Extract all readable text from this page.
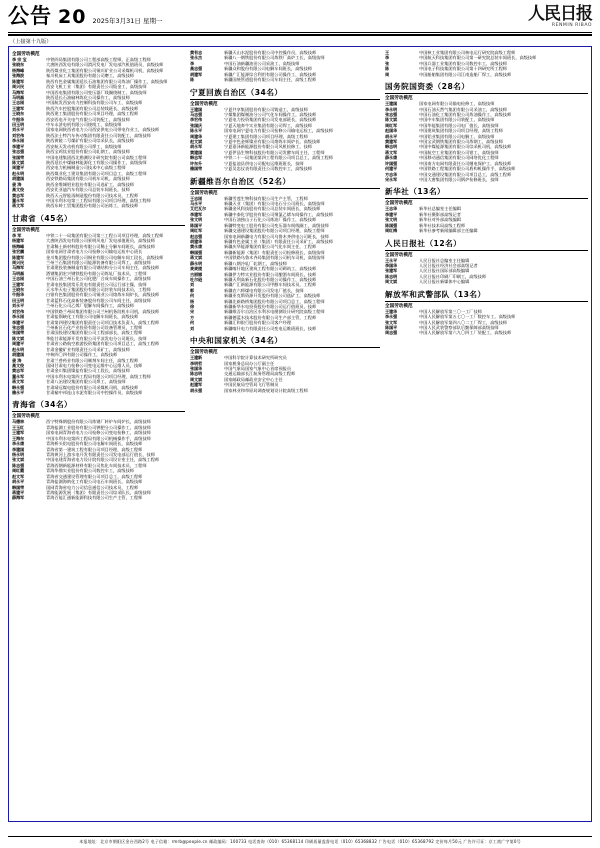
公告 20 2025年3月31日 星期一	人民日报
RENMIN RIBAO
（上接第十九版）
全国劳动模范
李 宗 宝	中铁四局集团有限公司工程部高级工程师，正高级工程师
张晓东	大唐陕西发电有限公司渭河发电厂发电部汽机值班员，高级技师
杨海峰	陕西煤业化工集团有限公司铜川矿业公司采煤机司机，高级技师
张海波	秦川机床工具集团股份有限公司磨工，高级技师
陈建军	陕西有色金属集团延长石油集团有限公司炼油厂操作工，高级技师
周兴民	西安飞机工业（集团）有限责任公司钣金工，高级技师
马海军	中国西电集团有限公司变压器厂线圈绕制工，高级技师
马明磊	陕西延长石油榆林炼化公司操作工，高级技师
王志刚	中国航发西安动力控制科技有限公司车工，高级技师
王建军	陕西汽车控股集团有限公司总装线班长，高级技师
王晓东	陕西建工集团股份有限公司项目经理，高级工程师
牛振华	西安西电开关电气有限公司装配工，高级技师
田玉明	中车永济电机有限公司绕线工，高级技师
刘永平	国家电网陕西省电力公司西安供电公司带电作业工，高级技师
刘宏伟	陕西法士特汽车传动集团有限责任公司装配工，高级技师
李永刚	陕西黄陵二号煤矿有限公司综采队长，高级技师
李建平	西安航天发动机有限公司焊工，高级技师
张志强	陕西宝鸡钛业股份有限公司轧钢工，高级技师
张国荣	中国电建集团西北勘测设计研究院有限公司高级工程师
陈文斌	陕西延长中煤榆林能源化工有限公司操作工，高级技师
周建平	西安电力机械制造公司技术中心高级工程师
赵永明	陕西煤业化工建设集团有限公司项目总工，高级工程师
胡建国	西安铁路局集团有限公司机车司机，高级技师
姜 涛	陕西金堆城钼业股份有限公司选矿工，高级技师
高文俊	西安比亚迪汽车有限公司总装车间班长，技师
黄志军	陕西天元智能再制造股份有限公司技术员，工程师
董永军	中国水利水电第三工程局有限公司项目经理，高级工程师
蒋文军	陕西东岭工贸集团股份有限公司冶炼工，高级技师
甘肃省（45名）
全国劳动模范
李 军	中铁二十一局集团有限公司第三工程公司项目经理，高级工程师
杨建军	大唐陕西发电有限公司景明风电厂发电部值班员，高级技师
杨海峰	甘肃稀土新材料股份有限公司稀土分解车间班长，高级技师
张宏鹏	国家电网甘肃省电力公司检修公司输电运检中心班长
陈建军	金川集团股份有限公司铜业有限公司电解车间工段长，高级技师
周兴民	兰州兰石集团有限公司能源装备有限公司焊工，高级技师
马海军	甘肃建投装备制造有限公司钢结构分公司车间主任，高级技师
马明磊	酒钢集团宏兴钢铁股份有限公司炼轧厂技术员，工程师
王志刚	中国石油兰州石化公司化肥厂合成车间操作工，高级技师
王建军	甘肃电投集团常乐发电有限责任公司运行部主操，技师
王晓东	天水华天电子集团股份有限公司封装车间技术员，工程师
牛振华	白银有色集团股份有限公司铜业公司熔炼车间炉长，高级技师
田玉明	甘肃蓝科石化高新装备股份有限公司车间主任，高级技师
刘永平	兰州石化公司乙烯厂裂解车间操作工，高级技师
刘宏伟	中国铁路兰州局集团有限公司兰州机务段机车司机，高级技师
李永刚	甘肃盐锅峡化工有限公司电解车间班长，高级技师
李建平	甘肃第四建设集团有限责任公司项目技术负责人，高级工程师
张志强	兰州新区石化产业投资有限公司设备管理员，工程师
张国荣	甘肃国投建设集团有限公司工程部部长，高级工程师
陈文斌	华能甘肃能源开发有限公司平凉发电分公司班长，技师
周建平	甘肃省公路航空旅游投资集团有限公司项目总工，高级工程师
赵永明	甘肃金徽矿业有限责任公司采矿工，高级技师
胡建国	中核四〇四有限公司操作工，高级技师
姜 涛	甘肃兰兽药业有限公司制剂车间主任，高级工程师
高文俊	国网甘肃电力检修公司变电运维中心运维人员，技师
黄志军	甘肃金川集团镍盐有限公司工段长，高级技师
董永军	中国水利水电第四工程局有限公司项目经理，高级工程师
蒋文军	甘肃八冶建设集团有限公司焊工，高级技师
韩永强	甘肃靖远煤电股份有限公司采煤机司机，高级技师
雒永平	甘肃榆中祁连山水泥有限公司中控操作员，高级技师
青海省（34名）
全国劳动模范
马德林	西宁特殊钢股份有限公司炼钢厂转炉车间炉长，高级技师
王玉红	青海盐湖工业股份有限公司钾肥分公司操作工，高级技师
王建军	国家电网青海省电力公司检修公司变电检修工，高级技师
王海东	中国水利水电第四工程局有限公司机械操作手，高级技师
李永康	青海桥头铝电股份有限公司电解车间班长，高级技师
李建国	青海省第一建筑工程有限公司项目经理，高级工程师
杨永明	青海黄河上游水电开发有限责任公司发电部运行值长，技师
张文斌	中国电建青海省电力设计院有限公司设计室主任，高级工程师
陈志强	青海西钢新能源材料有限公司焦化车间技术员，工程师
周红霞	青海华鼎实业股份有限公司数控车工，高级技师
赵文军	青海省交通建设管理有限公司项目总工，高级工程师
胡永平	青海盐湖海纳化工有限公司电石车间班长，高级技师
韩国荣	国网青海省电力公司信息通信公司技术员，工程师
蒋建平	青海能源发展（集团）有限责任公司综采队长，高级技师
薛海军	青海百能汇通新能源科技有限公司生产主管，工程师
黄有志	新疆天山水泥股份有限公司中控操作员，高级技师
张永杰	新疆八一钢铁股份有限公司炼铁厂高炉工长，高级技师
李	中国石油新疆油田公司采油工，高级技师
高志强	新疆众和股份有限公司电解车间班长，高级技师
胡建军	新疆广汇能源综合利用有限公司操作工，高级技师
陈	新疆国统管道股份有限公司车间主任，高级工程师
宁夏回族自治区（34名）
全国劳动模范
王建国	宁夏共享集团股份有限公司铸造工，高级技师
马志强	宁煤集团煤制油分公司气化车间操作工，高级技师
李宏伟	宁夏电力投资集团有限公司发电部班长，高级技师
张国庆	宁夏天地奔牛实业集团有限公司焊工，高级技师
陈永平	国家电网宁夏电力有限公司检修公司输电运检工，高级技师
周建华	宁夏建工集团有限公司项目经理，高级工程师
赵文斌	宁夏中色金辉镍业有限公司熔炼车间炉长，高级技师
胡永军	宁夏嘉泽新能源股份有限公司风机检修工，技师
黄建国	宁夏伊品生物科技股份有限公司发酵车间主任，工程师
韩志军	中铁二十一局集团第四工程有限公司项目总工，高级工程师
许东升	宁夏盐池县供电公司配电运维班班长，技师
雒国荣	宁夏吴忠仪表有限责任公司数控车工，高级技师
新疆维吾尔自治区（52名）
全国劳动模范
王志刚	新疆雪莲生物科技有限公司生产主管，工程师
马永平	新疆天业（集团）有限公司电石分公司班长，高级技师
艾尼瓦尔	新疆金风科技股份有限公司总装车间班长，高级技师
李建军	新疆中泰化学股份有限公司聚氯乙烯车间操作工，高级技师
张文明	中国石油独山子石化公司炼油厂操作工，高级技师
陈国平	新疆特变电工股份有限公司变压器车间线圈工，高级技师
周红军	新疆交通建设集团股份有限公司项目经理，高级工程师
赵志强	国家电网新疆电力有限公司乌鲁木齐供电公司班长，技师
胡建华	新疆有色金属工业（集团）有限责任公司采矿工，高级技师
黄永康	新疆庆华能源集团有限公司气化车间主任，工程师
韩国强	新疆新能源（集团）有限责任公司检修班长，高级技师
蒋文斌	中国铁路乌鲁木齐局集团有限公司机车司机，高级技师
薛永明	新疆八钢冷轧厂轧钢工，高级技师
麦麦提	新疆喀什地区建筑工程有限公司砌筑工，高级技师
古丽娜	新疆伊力特实业股份有限公司酿酒车间班长，技师
吐尔逊	新疆天利高新石化股份有限公司操作工，高级技师
刘	新疆广汇新能源有限公司甲醇车间技术员，工程师
郭	新疆农六师煤电有限公司发电厂值长，技师
何	新疆亚克斯资源开发股份有限公司选矿工，高级技师
杨	新疆北新路桥集团股份有限公司项目总工，高级工程师
徐	新疆新华水电投资股份有限公司运行值班员，技师
宋	新疆维吾尔自治区水利水电勘测设计研究院高级工程师
方	新疆德蓝水技术股份有限公司生产部主管，工程师
何	新疆汇和银行股份有限公司客户经理
刘	新疆喀什电力有限责任公司变电运维班班长，技师
中央和国家机关（34名）
全国劳动模范
王建新	中国科学院计算技术研究所研究员
李明哲	国家税务总局办公厅副主任
张国华	中国气象局国家气象中心首席预报员
陈志明	交通运输部长江航务管理局高级工程师
周文斌	国家邮政局邮政业安全中心主任
赵建军	中国民航局空管局飞行管制员
胡永强	国家林业和草原局调查规划设计院高级工程师
王	中国核工业集团有限公司核电运行研究院高级工程师
李	中国航天科技集团有限公司第一研究院总装车间班长，高级技师
张	中国兵器工业集团有限公司数控车工，高级技师
陈	中国电子科技集团有限公司第十四研究所工程师
周	中国船舶集团有限公司江南造船厂焊工，高级技师
国务院国资委（28名）
全国劳动模范
王建国	国家电网有限公司输电检修工，高级技师
李永明	中国石油天然气集团有限公司采油工，高级技师
张志强	中国石油化工集团有限公司炼油操作工，高级技师
陈文斌	中国中车集团有限公司装配工，高级技师
周红军	中国华能集团有限公司电厂值长，高级技师
赵国华	中国建筑集团有限公司项目经理，高级工程师
胡永平	中国铝业集团有限公司电解工，高级技师
黄建军	中国宝武钢铁集团有限公司炼钢工，高级技师
韩志明	中国中煤能源集团有限公司综采机司机，高级技师
蒋文军	中国航空工业集团有限公司钳工，高级技师
薛永康	中国移动通信集团有限公司网络优化工程师
许国强	中国南方电网有限责任公司继电保护工，高级技师
何建平	中国铁路工程集团有限公司盾构机操作手，高级技师
方志华	中国交通建设集团有限公司项目总工，高级工程师
宋永军	中国大唐集团有限公司锅炉检修班长，技师
新华社（13名）
全国劳动模范
王志华	新华社总编室主任编辑
李建平	新华社摄影部高级记者
张文明	新华社对外部高级编辑
陈国强	新华社技术局高级工程师
周红梅	新华社参考新闻编辑部主任编辑
人民日报社（12名）
全国劳动模范
王永平	人民日报社总编室主任编辑
李国华	人民日报社经济社会部高级记者
张建军	人民日报社国际部高级编辑
陈志明	人民日报社印刷厂印刷工，高级技师
周文斌	人民日报社新媒体中心编辑
解放军和武警部队（13名）
全国劳动模范
王建华	中国人民解放军第三〇一工厂技师
李永强	中国人民解放军第五七〇一工厂数控车工，高级技师
张文军	中国人民解放军第四八〇二工厂焊工，高级技师
陈国平	中国人民武装警察部队后勤保障部高级技师
周志强	中国人民解放军第六九〇四工厂装配工，高级技师
本报地址：北京市朝阳区金台西路2号 电子信箱：rmrb@people.cn 邮政编码：100733 电话查询（010）65368114 印刷质量监督电话（010）65368832 广告电话（010）65368792 定价每月50元 广告许可证：京工商广字第0号
